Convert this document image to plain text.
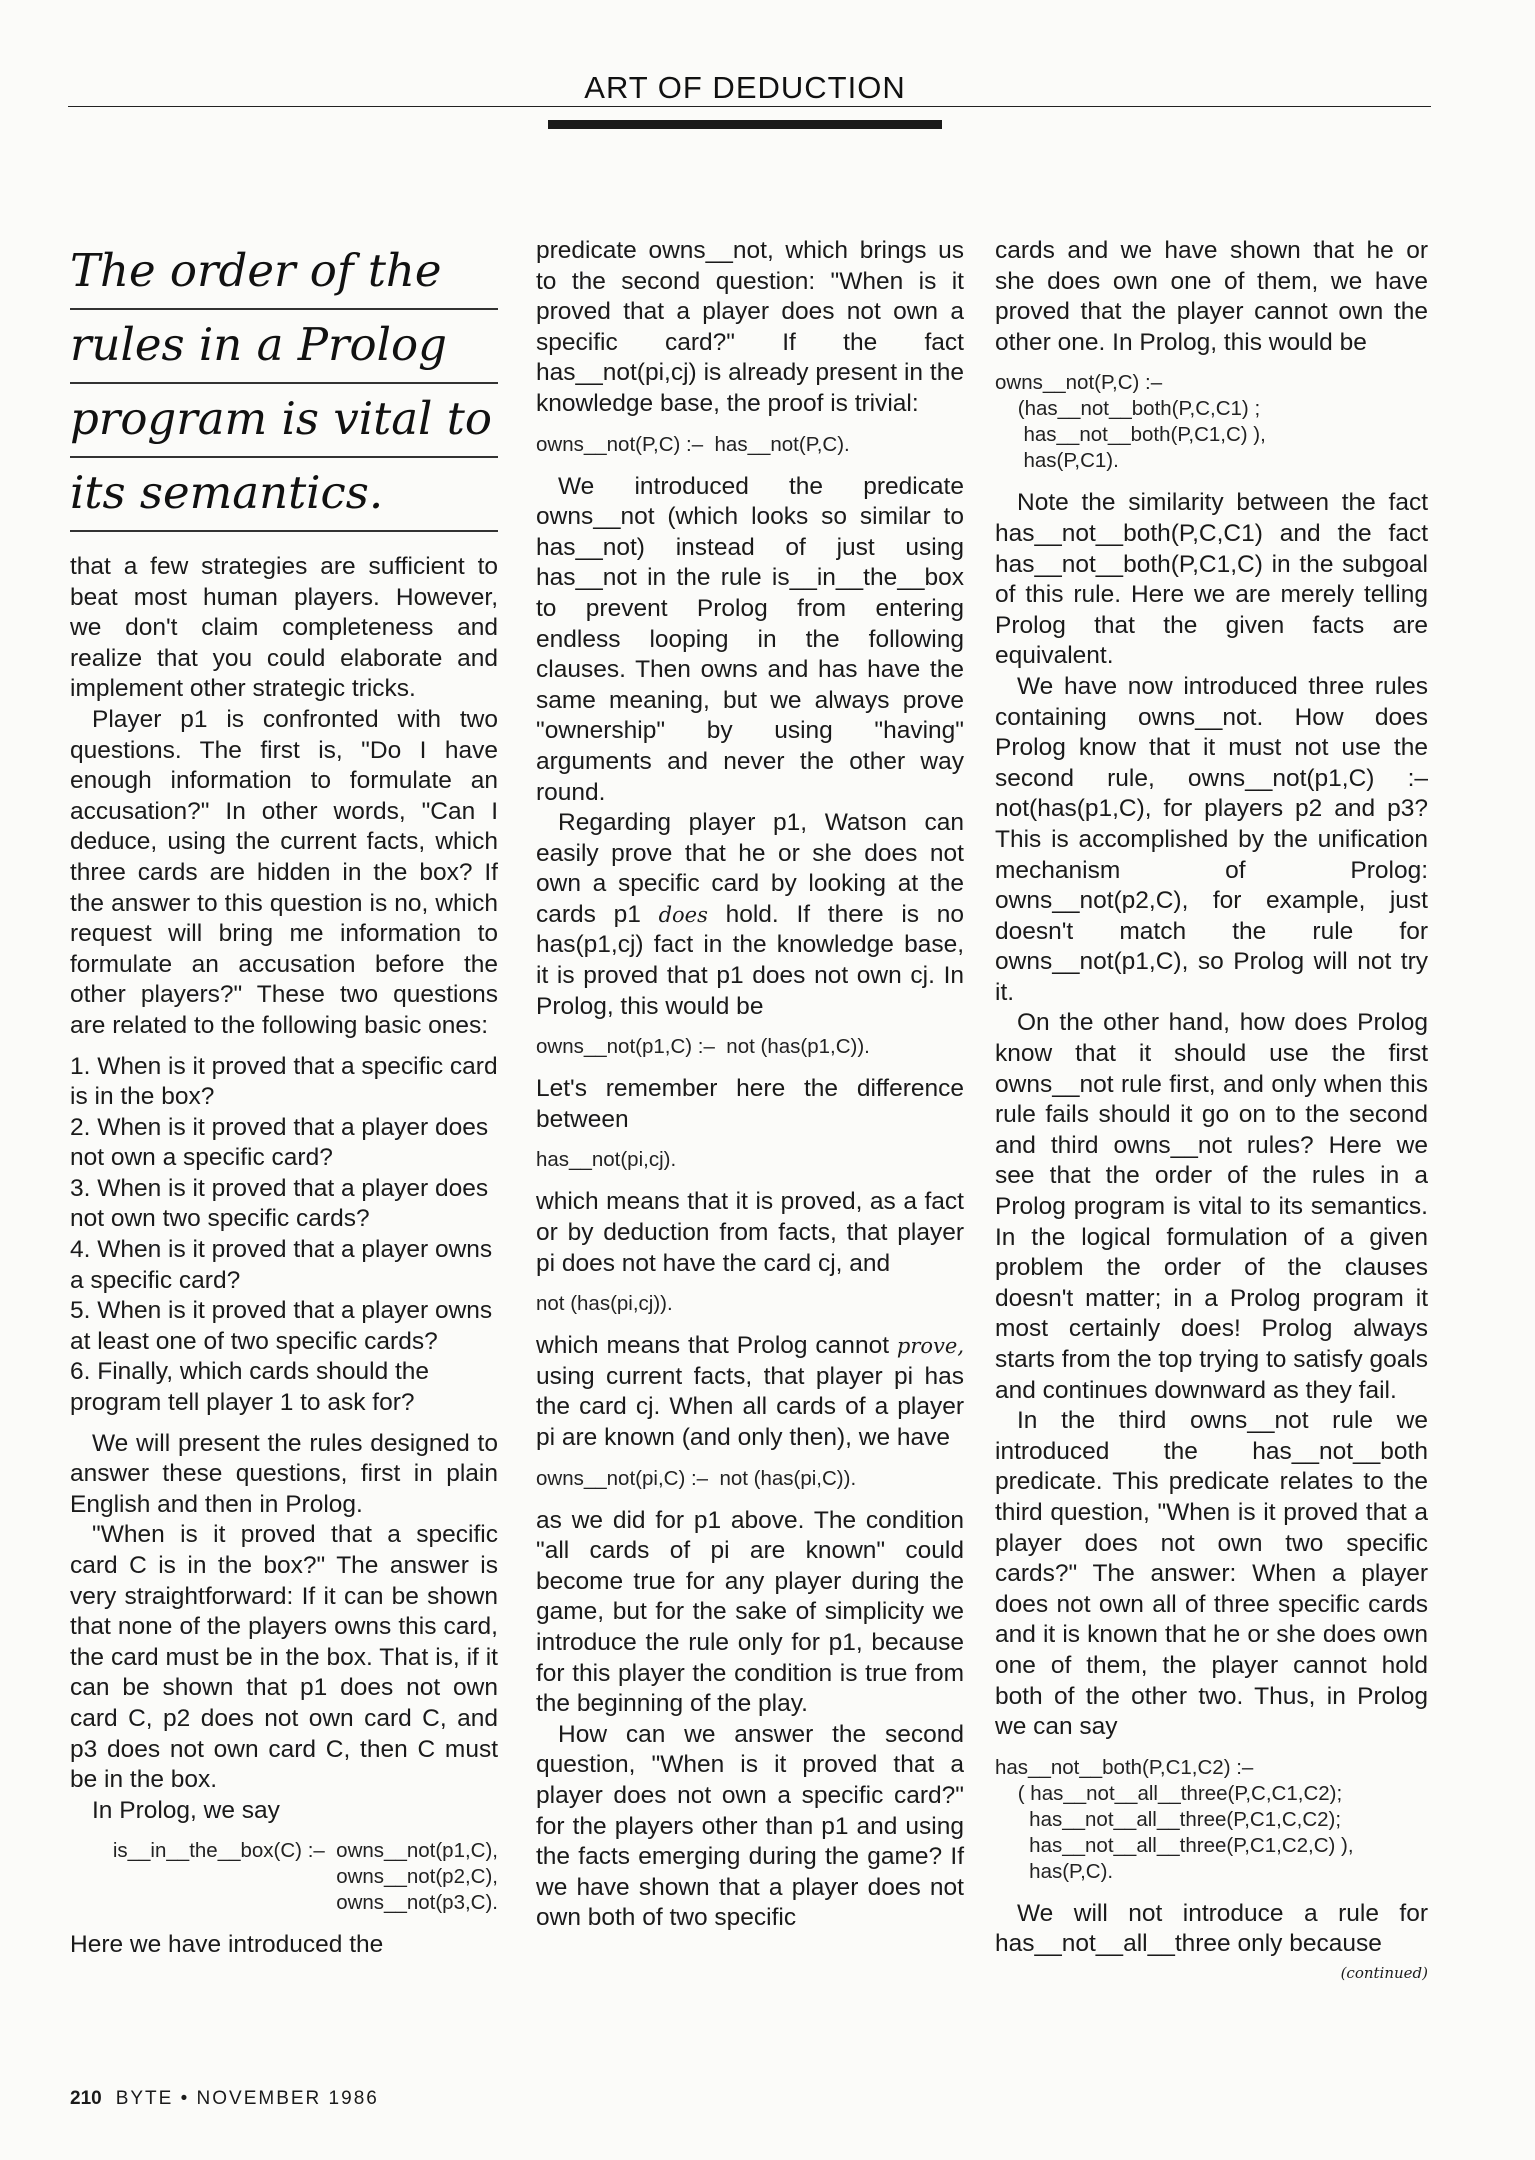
ART OF DEDUCTION
The order of the
rules in a Prolog
program is vital to
its semantics.

that a few strategies are sufficient to beat most human players. However, we don't claim completeness and realize that you could elaborate and implement other strategic tricks.

Player p1 is confronted with two questions. The first is, "Do I have enough information to formulate an accusation?" In other words, "Can I deduce, using the current facts, which three cards are hidden in the box? If the answer to this question is no, which request will bring me information to formulate an accusation before the other players?" These two questions are related to the following basic ones:

1. When is it proved that a specific card is in the box?
2. When is it proved that a player does not own a specific card?
3. When is it proved that a player does not own two specific cards?
4. When is it proved that a player owns a specific card?
5. When is it proved that a player owns at least one of two specific cards?
6. Finally, which cards should the program tell player 1 to ask for?

We will present the rules designed to answer these questions, first in plain English and then in Prolog.

"When is it proved that a specific card C is in the box?" The answer is very straightforward: If it can be shown that none of the players owns this card, the card must be in the box. That is, if it can be shown that p1 does not own card C, p2 does not own card C, and p3 does not own card C, then C must be in the box.

In Prolog, we say

is__in__the__box(C) :–  owns__not(p1,C),
owns__not(p2,C),
owns__not(p3,C).

Here we have introduced the

predicate owns__not, which brings us to the second question: "When is it proved that a player does not own a specific card?" If the fact has__not(pi,cj) is already present in the knowledge base, the proof is trivial:

owns__not(P,C) :–  has__not(P,C).

We introduced the predicate owns__not (which looks so similar to has__not) instead of just using has__not in the rule is__in__the__box to prevent Prolog from entering endless looping in the following clauses. Then owns and has have the same meaning, but we always prove "ownership" by using "having" arguments and never the other way round.

Regarding player p1, Watson can easily prove that he or she does not own a specific card by looking at the cards p1 does hold. If there is no has(p1,cj) fact in the knowledge base, it is proved that p1 does not own cj. In Prolog, this would be

owns__not(p1,C) :–  not (has(p1,C)).

Let's remember here the difference between

has__not(pi,cj).

which means that it is proved, as a fact or by deduction from facts, that player pi does not have the card cj, and

not (has(pi,cj)).

which means that Prolog cannot prove, using current facts, that player pi has the card cj. When all cards of a player pi are known (and only then), we have

owns__not(pi,C) :–  not (has(pi,C)).

as we did for p1 above. The condition "all cards of pi are known" could become true for any player during the game, but for the sake of simplicity we introduce the rule only for p1, because for this player the condition is true from the beginning of the play.

How can we answer the second question, "When is it proved that a player does not own a specific card?" for the players other than p1 and using the facts emerging during the game? If we have shown that a player does not own both of two specific

cards and we have shown that he or she does own one of them, we have proved that the player cannot own the other one. In Prolog, this would be

owns__not(P,C) :–
(has__not__both(P,C,C1) ;
has__not__both(P,C1,C) ),
has(P,C1).

Note the similarity between the fact has__not__both(P,C,C1) and the fact has__not__both(P,C1,C) in the subgoal of this rule. Here we are merely telling Prolog that the given facts are equivalent.

We have now introduced three rules containing owns__not. How does Prolog know that it must not use the second rule, owns__not(p1,C) :– not(has(p1,C), for players p2 and p3? This is accomplished by the unification mechanism of Prolog: owns__not(p2,C), for example, just doesn't match the rule for owns__not(p1,C), so Prolog will not try it.

On the other hand, how does Prolog know that it should use the first owns__not rule first, and only when this rule fails should it go on to the second and third owns__not rules? Here we see that the order of the rules in a Prolog program is vital to its semantics. In the logical formulation of a given problem the order of the clauses doesn't matter; in a Prolog program it most certainly does! Prolog always starts from the top trying to satisfy goals and continues downward as they fail.

In the third owns__not rule we introduced the has__not__both predicate. This predicate relates to the third question, "When is it proved that a player does not own two specific cards?" The answer: When a player does not own all of three specific cards and it is known that he or she does own one of them, the player cannot hold both of the other two. Thus, in Prolog we can say

has__not__both(P,C1,C2) :–
( has__not__all__three(P,C,C1,C2);
has__not__all__three(P,C1,C,C2);
has__not__all__three(P,C1,C2,C) ),
has(P,C).

We will not introduce a rule for has__not__all__three only because

(continued)
210 BYTE • NOVEMBER 1986
